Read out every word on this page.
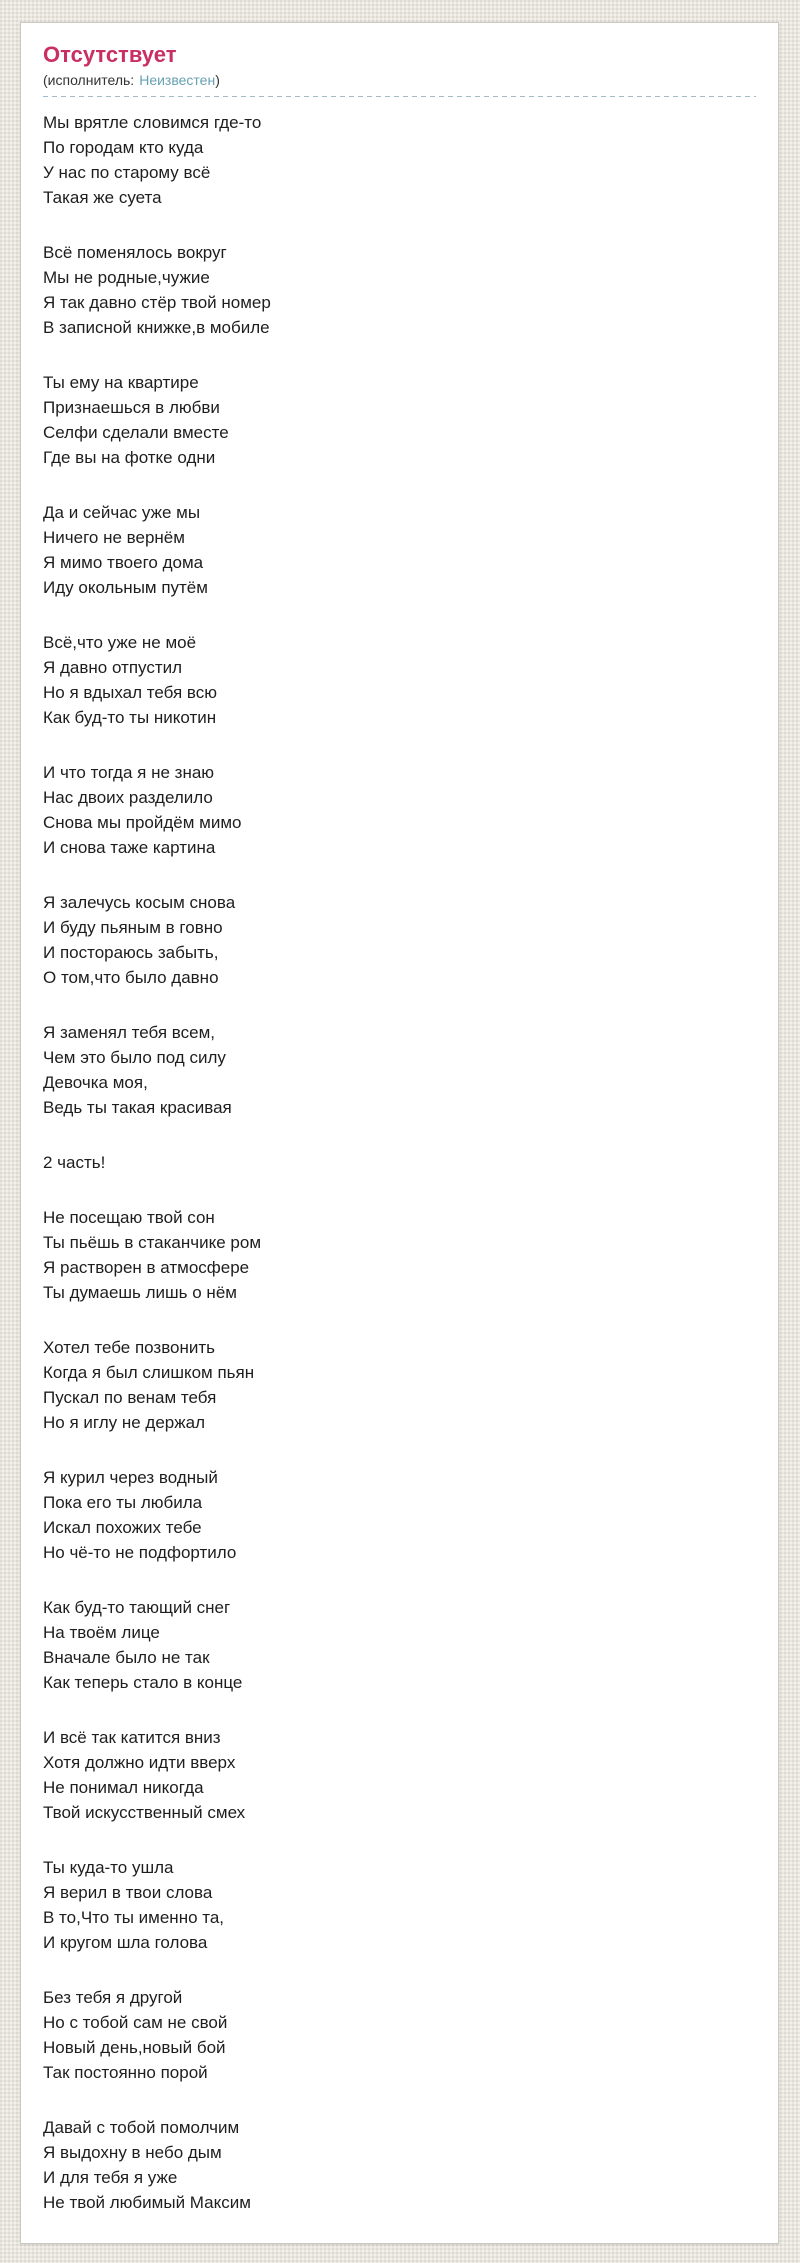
Отсутствует
(исполнитель: Неизвестен)
Мы врятле словимся где-то
По городам кто куда
У нас по старому всё
Такая же суета
Всё поменялось вокруг
Мы не родные,чужие
Я так давно стёр твой номер
В записной книжке,в мобиле
Ты ему на квартире
Признаешься в любви
Селфи сделали вместе
Где вы на фотке одни
Да и сейчас уже мы
Ничего не вернём
Я мимо твоего дома
Иду окольным путём
Всё,что уже не моё
Я давно отпустил
Но я вдыхал тебя всю
Как буд-то ты никотин
И что тогда я не знаю
Нас двоих разделило
Снова мы пройдём мимо
И снова таже картина
Я залечусь косым снова
И буду пьяным в говно
И постораюсь забыть,
О том,что было давно
Я заменял тебя всем,
Чем это было под силу
Девочка моя,
Ведь ты такая красивая
2 часть!
Не посещаю твой сон
Ты пьёшь в стаканчике ром
Я растворен в атмосфере
Ты думаешь лишь о нём
Хотел тебе позвонить
Когда я был слишком пьян
Пускал по венам тебя
Но я иглу не держал
Я курил через водный
Пока его ты любила
Искал похожих тебе
Но чё-то не подфортило
Как буд-то тающий снег
На твоём лице
Вначале было не так
Как теперь стало в конце
И всё так катится вниз
Хотя должно идти вверх
Не понимал никогда
Твой искусственный смех
Ты куда-то ушла
Я верил в твои слова
В то,Что ты именно та,
И кругом шла голова
Без тебя я другой
Но с тобой сам не свой
Новый день,новый бой
Так постоянно порой
Давай с тобой помолчим
Я выдохну в небо дым
И для тебя я уже
Не твой любимый Максим
